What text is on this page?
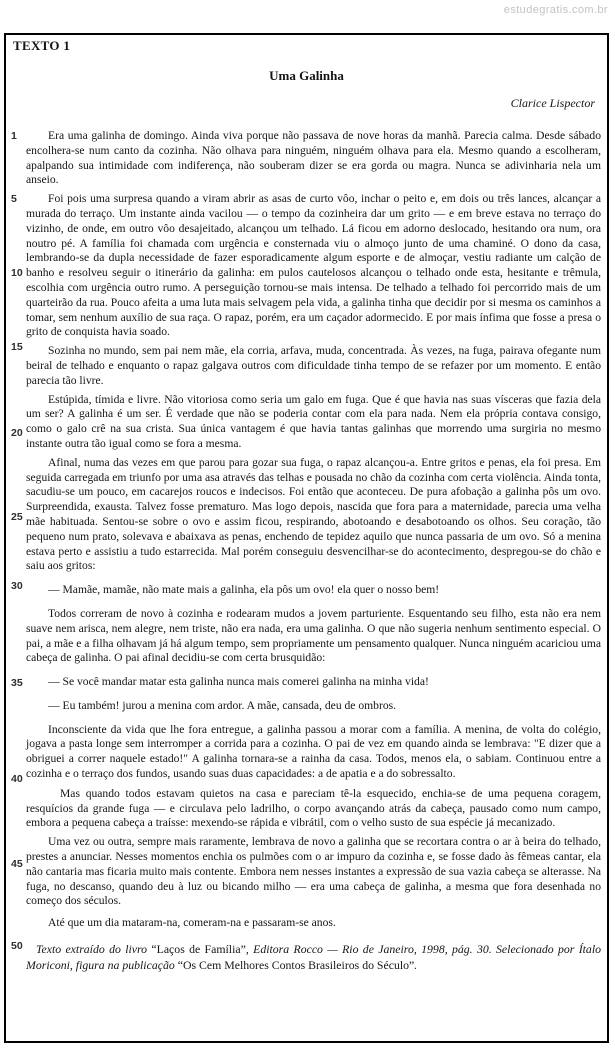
estudegratis.com.br
TEXTO 1
Uma Galinha
Clarice Lispector
1
5
10
15
20
25
30
35
40
45
50

Era uma galinha de domingo. Ainda viva porque não passava de nove horas da manhã. Parecia calma. Desde sábado encolhera-se num canto da cozinha. Não olhava para ninguém, ninguém olhava para ela. Mesmo quando a escolheram, apalpando sua intimidade com indiferença, não souberam dizer se era gorda ou magra. Nunca se adivinharia nela um anseio.

Foi pois uma surpresa quando a viram abrir as asas de curto vôo, inchar o peito e, em dois ou três lances, alcançar a murada do terraço. Um instante ainda vacilou — o tempo da cozinheira dar um grito — e em breve estava no terraço do vizinho, de onde, em outro vôo desajeitado, alcançou um telhado. Lá ficou em adorno deslocado, hesitando ora num, ora noutro pé. A família foi chamada com urgência e consternada viu o almoço junto de uma chaminé. O dono da casa, lembrando-se da dupla necessidade de fazer esporadicamente algum esporte e de almoçar, vestiu radiante um calção de banho e resolveu seguir o itinerário da galinha: em pulos cautelosos alcançou o telhado onde esta, hesitante e trêmula, escolhia com urgência outro rumo. A perseguição tornou-se mais intensa. De telhado a telhado foi percorrido mais de um quarteirão da rua. Pouco afeita a uma luta mais selvagem pela vida, a galinha tinha que decidir por si mesma os caminhos a tomar, sem nenhum auxílio de sua raça. O rapaz, porém, era um caçador adormecido. E por mais ínfima que fosse a presa o grito de conquista havia soado.

Sozinha no mundo, sem pai nem mãe, ela corria, arfava, muda, concentrada. Às vezes, na fuga, pairava ofegante num beiral de telhado e enquanto o rapaz galgava outros com dificuldade tinha tempo de se refazer por um momento. E então parecia tão livre.

Estúpida, tímida e livre. Não vitoriosa como seria um galo em fuga. Que é que havia nas suas vísceras que fazia dela um ser? A galinha é um ser. É verdade que não se poderia contar com ela para nada. Nem ela própria contava consigo, como o galo crê na sua crista. Sua única vantagem é que havia tantas galinhas que morrendo uma surgiria no mesmo instante outra tão igual como se fora a mesma.

Afinal, numa das vezes em que parou para gozar sua fuga, o rapaz alcançou-a. Entre gritos e penas, ela foi presa. Em seguida carregada em triunfo por uma asa através das telhas e pousada no chão da cozinha com certa violência. Ainda tonta, sacudiu-se um pouco, em cacarejos roucos e indecisos. Foi então que aconteceu. De pura afobação a galinha pôs um ovo. Surpreendida, exausta. Talvez fosse prematuro. Mas logo depois, nascida que fora para a maternidade, parecia uma velha mãe habituada. Sentou-se sobre o ovo e assim ficou, respirando, abotoando e desabotoando os olhos. Seu coração, tão pequeno num prato, solevava e abaixava as penas, enchendo de tepidez aquilo que nunca passaria de um ovo. Só a menina estava perto e assistiu a tudo estarrecida. Mal porém conseguiu desvencilhar-se do acontecimento, despregou-se do chão e saiu aos gritos:

— Mamãe, mamãe, não mate mais a galinha, ela pôs um ovo! ela quer o nosso bem!

Todos correram de novo à cozinha e rodearam mudos a jovem parturiente. Esquentando seu filho, esta não era nem suave nem arisca, nem alegre, nem triste, não era nada, era uma galinha. O que não sugeria nenhum sentimento especial. O pai, a mãe e a filha olhavam já há algum tempo, sem propriamente um pensamento qualquer. Nunca ninguém acariciou uma cabeça de galinha. O pai afinal decidiu-se com certa brusquidão:

— Se você mandar matar esta galinha nunca mais comerei galinha na minha vida!

— Eu também! jurou a menina com ardor. A mãe, cansada, deu de ombros.

Inconsciente da vida que lhe fora entregue, a galinha passou a morar com a família. A menina, de volta do colégio, jogava a pasta longe sem interromper a corrida para a cozinha. O pai de vez em quando ainda se lembrava: "E dizer que a obriguei a correr naquele estado!" A galinha tornara-se a rainha da casa. Todos, menos ela, o sabiam. Continuou entre a cozinha e o terraço dos fundos, usando suas duas capacidades: a de apatia e a do sobressalto.

Mas quando todos estavam quietos na casa e pareciam tê-la esquecido, enchia-se de uma pequena coragem, resquícios da grande fuga — e circulava pelo ladrilho, o corpo avançando atrás da cabeça, pausado como num campo, embora a pequena cabeça a traísse: mexendo-se rápida e vibrátil, com o velho susto de sua espécie já mecanizado.

Uma vez ou outra, sempre mais raramente, lembrava de novo a galinha que se recortara contra o ar à beira do telhado, prestes a anunciar. Nesses momentos enchia os pulmões com o ar impuro da cozinha e, se fosse dado às fêmeas cantar, ela não cantaria mas ficaria muito mais contente. Embora nem nesses instantes a expressão de sua vazia cabeça se alterasse. Na fuga, no descanso, quando deu à luz ou bicando milho — era uma cabeça de galinha, a mesma que fora desenhada no começo dos séculos.

Até que um dia mataram-na, comeram-na e passaram-se anos.

Texto extraído do livro “Laços de Família”, Editora Rocco — Rio de Janeiro, 1998, pág. 30. Selecionado por Ítalo Moriconi, figura na publicação “Os Cem Melhores Contos Brasileiros do Século”.
